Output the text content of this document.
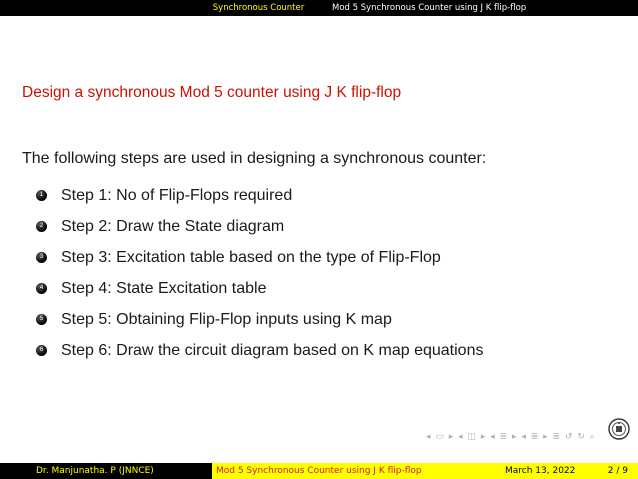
Synchronous Counter	Mod 5 Synchronous Counter using J K flip-flop
Design a synchronous Mod 5 counter using J K flip-flop
The following steps are used in designing a synchronous counter:
1 Step 1: No of Flip-Flops required
2 Step 2: Draw the State diagram
3 Step 3: Excitation table based on the type of Flip-Flop
4 Step 4: State Excitation table
5 Step 5: Obtaining Flip-Flop inputs using K map
6 Step 6: Draw the circuit diagram based on K map equations
◂ ▭ ▸ ◂ ◫ ▸ ◂ ≣ ▸ ◂ ≣ ▸ ≣ ↺ ↻ ⌕
Dr. Manjunatha. P (JNNCE)	Mod 5 Synchronous Counter using J K flip-flop	March 13, 2022	2 / 9
